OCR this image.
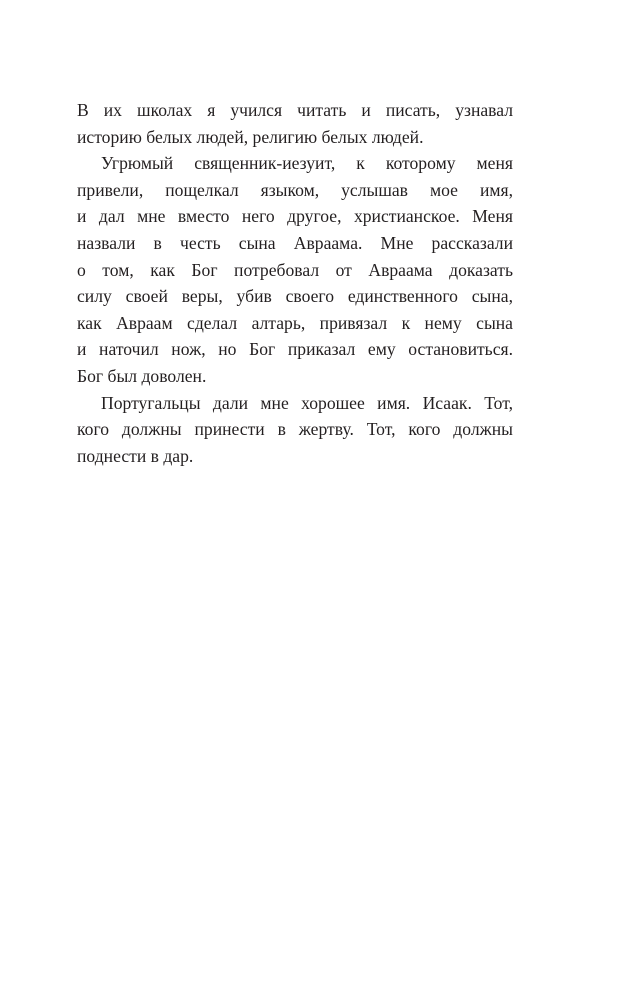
В их школах я учился читать и писать, узнавал
историю белых людей, религию белых людей.
Угрюмый священник-иезуит, к которому меня
привели, пощелкал языком, услышав мое имя,
и дал мне вместо него другое, христианское. Меня
назвали в честь сына Авраама. Мне рассказали
о том, как Бог потребовал от Авраама доказать
силу своей веры, убив своего единственного сына,
как Авраам сделал алтарь, привязал к нему сына
и наточил нож, но Бог приказал ему остановиться.
Бог был доволен.
Португальцы дали мне хорошее имя. Исаак. Тот,
кого должны принести в жертву. Тот, кого должны
поднести в дар.
